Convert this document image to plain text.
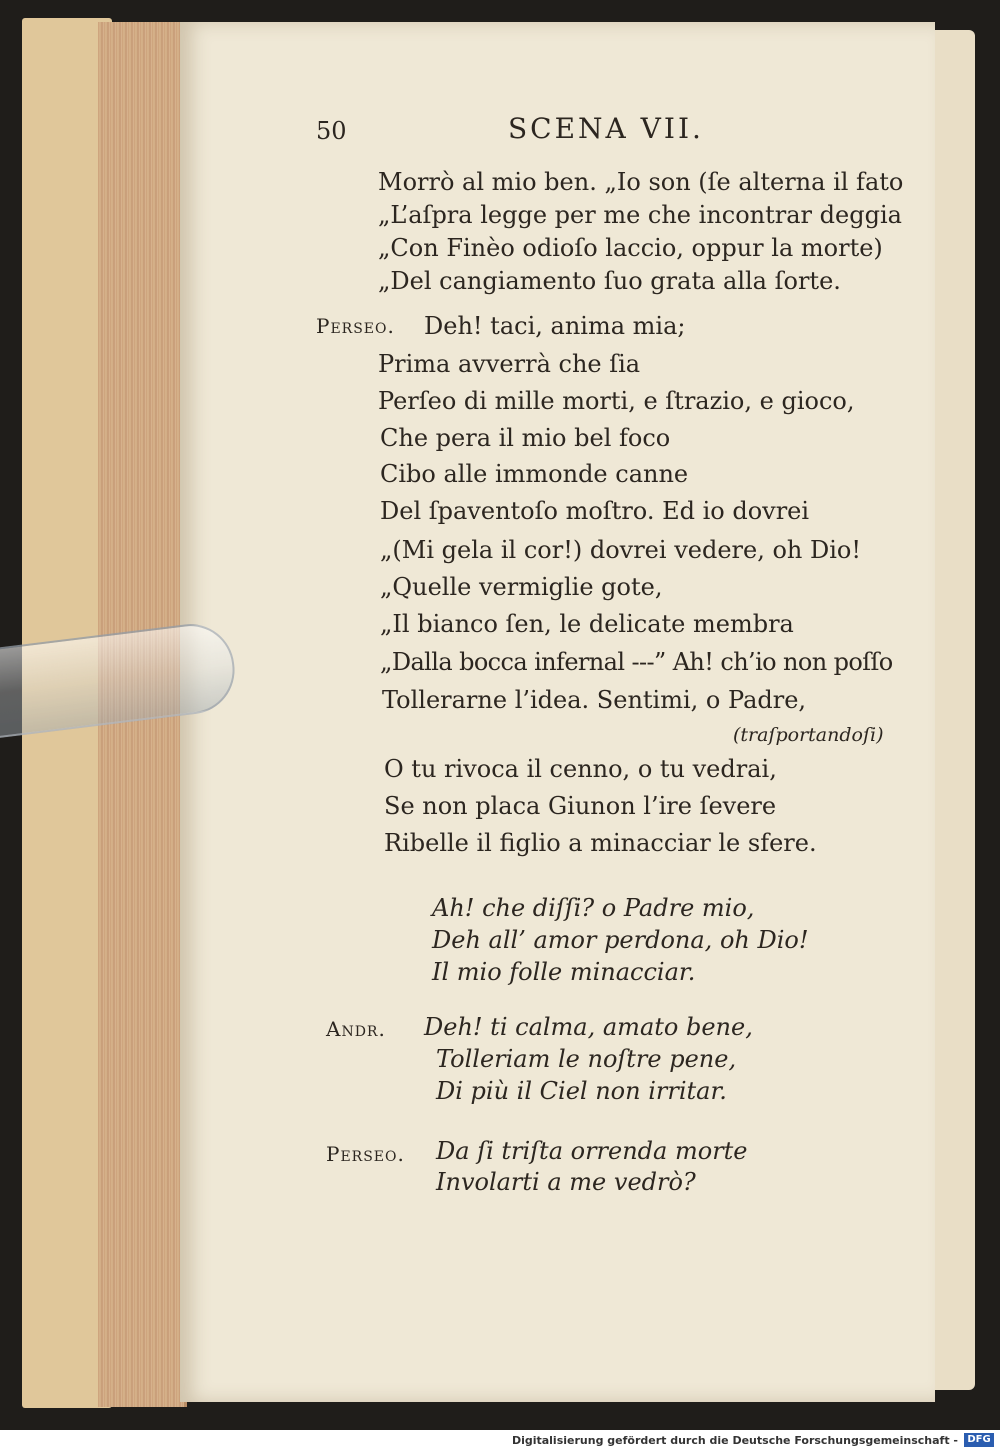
50	SCENA VII.
Morrò al mio ben. „Io son (ſe alterna il fato
„L’aſpra legge per me che incontrar deggia
„Con Finèo odioſo laccio, oppur la morte)
„Del cangiamento ſuo grata alla ſorte.
Perseo. Deh! taci, anima mia;
Prima avverrà che ſia
Perſeo di mille morti, e ſtrazio, e gioco,
Che pera il mio bel foco
Cibo alle immonde canne
Del ſpaventoſo moſtro. Ed io dovrei
„(Mi gela il cor!) dovrei vedere, oh Dio!
„Quelle vermiglie gote,
„Il bianco ſen, le delicate membra
„Dalla bocca infernal ---” Ah! ch’io non poſſo
Tollerarne l’idea. Sentimi, o Padre,
(traſportandoſi)
O tu rivoca il cenno, o tu vedrai,
Se non placa Giunon l’ire ſevere
Ribelle il figlio a minacciar le sfere.
Ah! che diſſi? o Padre mio,
Deh all’ amor perdona, oh Dio!
Il mio folle minacciar.
Andr. Deh! ti calma, amato bene,
Tolleriam le noſtre pene,
Di più il Ciel non irritar.
Perseo. Da ſi triſta orrenda morte
Involarti a me vedrò?
Digitalisierung gefördert durch die Deutsche Forschungsgemeinschaft - DFG
